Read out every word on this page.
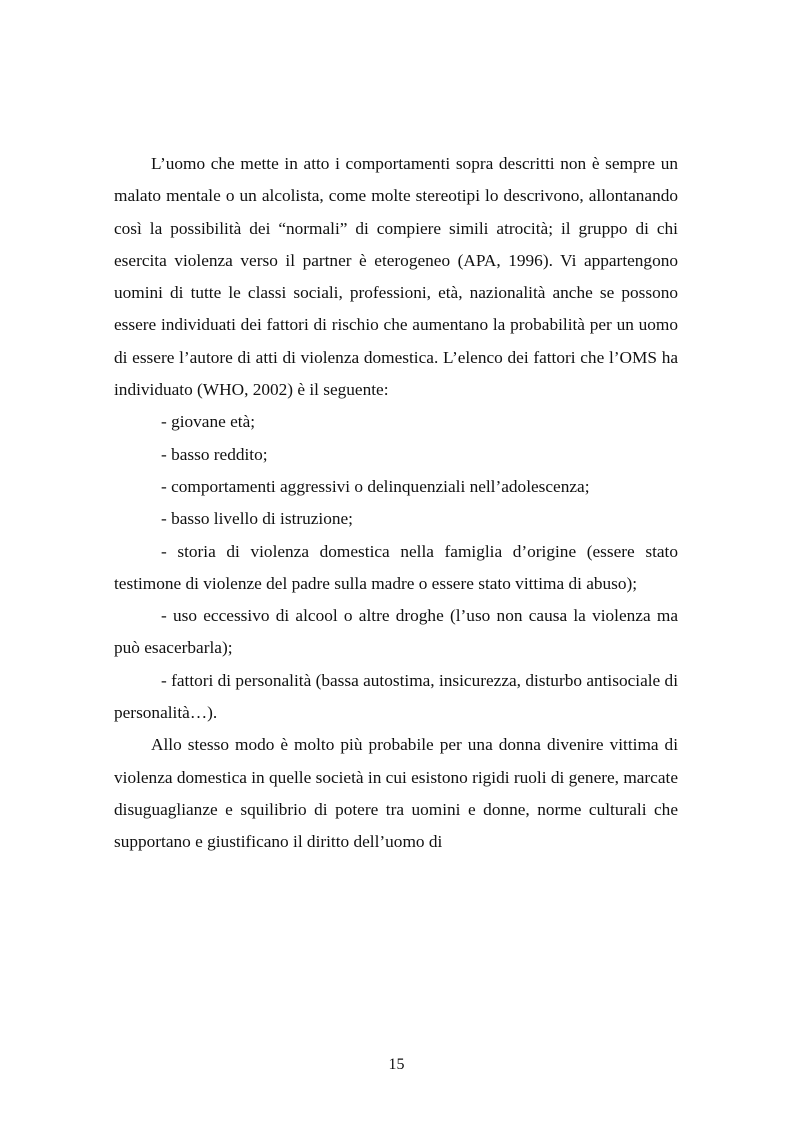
L’uomo che mette in atto i comportamenti sopra descritti non è sempre un malato mentale o un alcolista, come molte stereotipi lo descrivono, allontanando così la possibilità dei “normali” di compiere simili atrocità; il gruppo di chi esercita violenza verso il partner è eterogeneo (APA, 1996). Vi appartengono uomini di tutte le classi sociali, professioni, età, nazionalità anche se possono essere individuati dei fattori di rischio che aumentano la probabilità per un uomo di essere l’autore di atti di violenza domestica. L’elenco dei fattori che l’OMS ha individuato (WHO, 2002) è il seguente:

- giovane età;

- basso reddito;

- comportamenti aggressivi o delinquenziali nell’adolescenza;

- basso livello di istruzione;

- storia di violenza domestica nella famiglia d’origine (essere stato testimone di violenze del padre sulla madre o essere stato vittima di abuso);

- uso eccessivo di alcool o altre droghe (l’uso non causa la violenza ma può esacerbarla);

- fattori di personalità (bassa autostima, insicurezza, disturbo antisociale di personalità…).

Allo stesso modo è molto più probabile per una donna divenire vittima di violenza domestica in quelle società in cui esistono rigidi ruoli di genere, marcate disuguaglianze e squilibrio di potere tra uomini e donne, norme culturali che supportano e giustificano il diritto dell’uomo di

15
